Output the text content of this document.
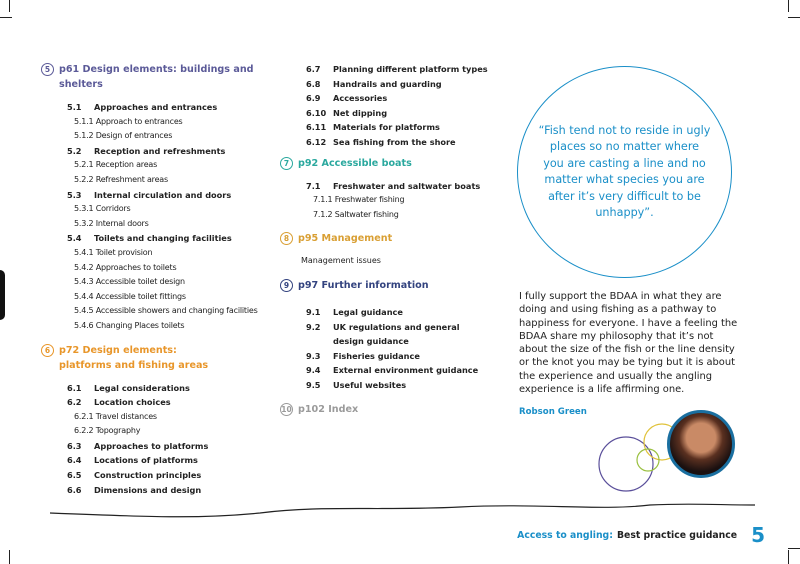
5 p61 Design elements: buildings and shelters
5.1	Approaches and entrances
5.1.1 Approach to entrances
5.1.2 Design of entrances
5.2	Reception and refreshments
5.2.1 Reception areas
5.2.2 Refreshment areas
5.3	Internal circulation and doors
5.3.1 Corridors
5.3.2 Internal doors
5.4	Toilets and changing facilities
5.4.1 Toilet provision
5.4.2 Approaches to toilets
5.4.3 Accessible toilet design
5.4.4 Accessible toilet fittings
5.4.5 Accessible showers and changing facilities
5.4.6 Changing Places toilets
6 p72 Design elements:
platforms and fishing areas
6.1	Legal considerations
6.2	Location choices
6.2.1 Travel distances
6.2.2 Topography
6.3	Approaches to platforms
6.4	Locations of platforms
6.5	Construction principles
6.6	Dimensions and design
6.7	Planning different platform types
6.8	Handrails and guarding
6.9	Accessories
6.10 Net dipping
6.11 Materials for platforms
6.12 Sea fishing from the shore
7 p92 Accessible boats
7.1	Freshwater and saltwater boats
7.1.1 Freshwater fishing
7.1.2 Saltwater fishing
8 p95 Management
Management issues
9 p97 Further information
9.1	Legal guidance
9.2	UK regulations and general design guidance
9.3	Fisheries guidance
9.4	External environment guidance
9.5	Useful websites
10 p102 Index
“Fish tend not to reside in ugly places so no matter where you are casting a line and no matter what species you are after it’s very difficult to be unhappy”.
I fully support the BDAA in what they are doing and using fishing as a pathway to happiness for everyone. I have a feeling the BDAA share my philosophy that it’s not about the size of the fish or the line density or the knot you may be tying but it is about the experience and usually the angling experience is a life affirming one.
Robson Green
Access to angling: Best practice guidance 5
